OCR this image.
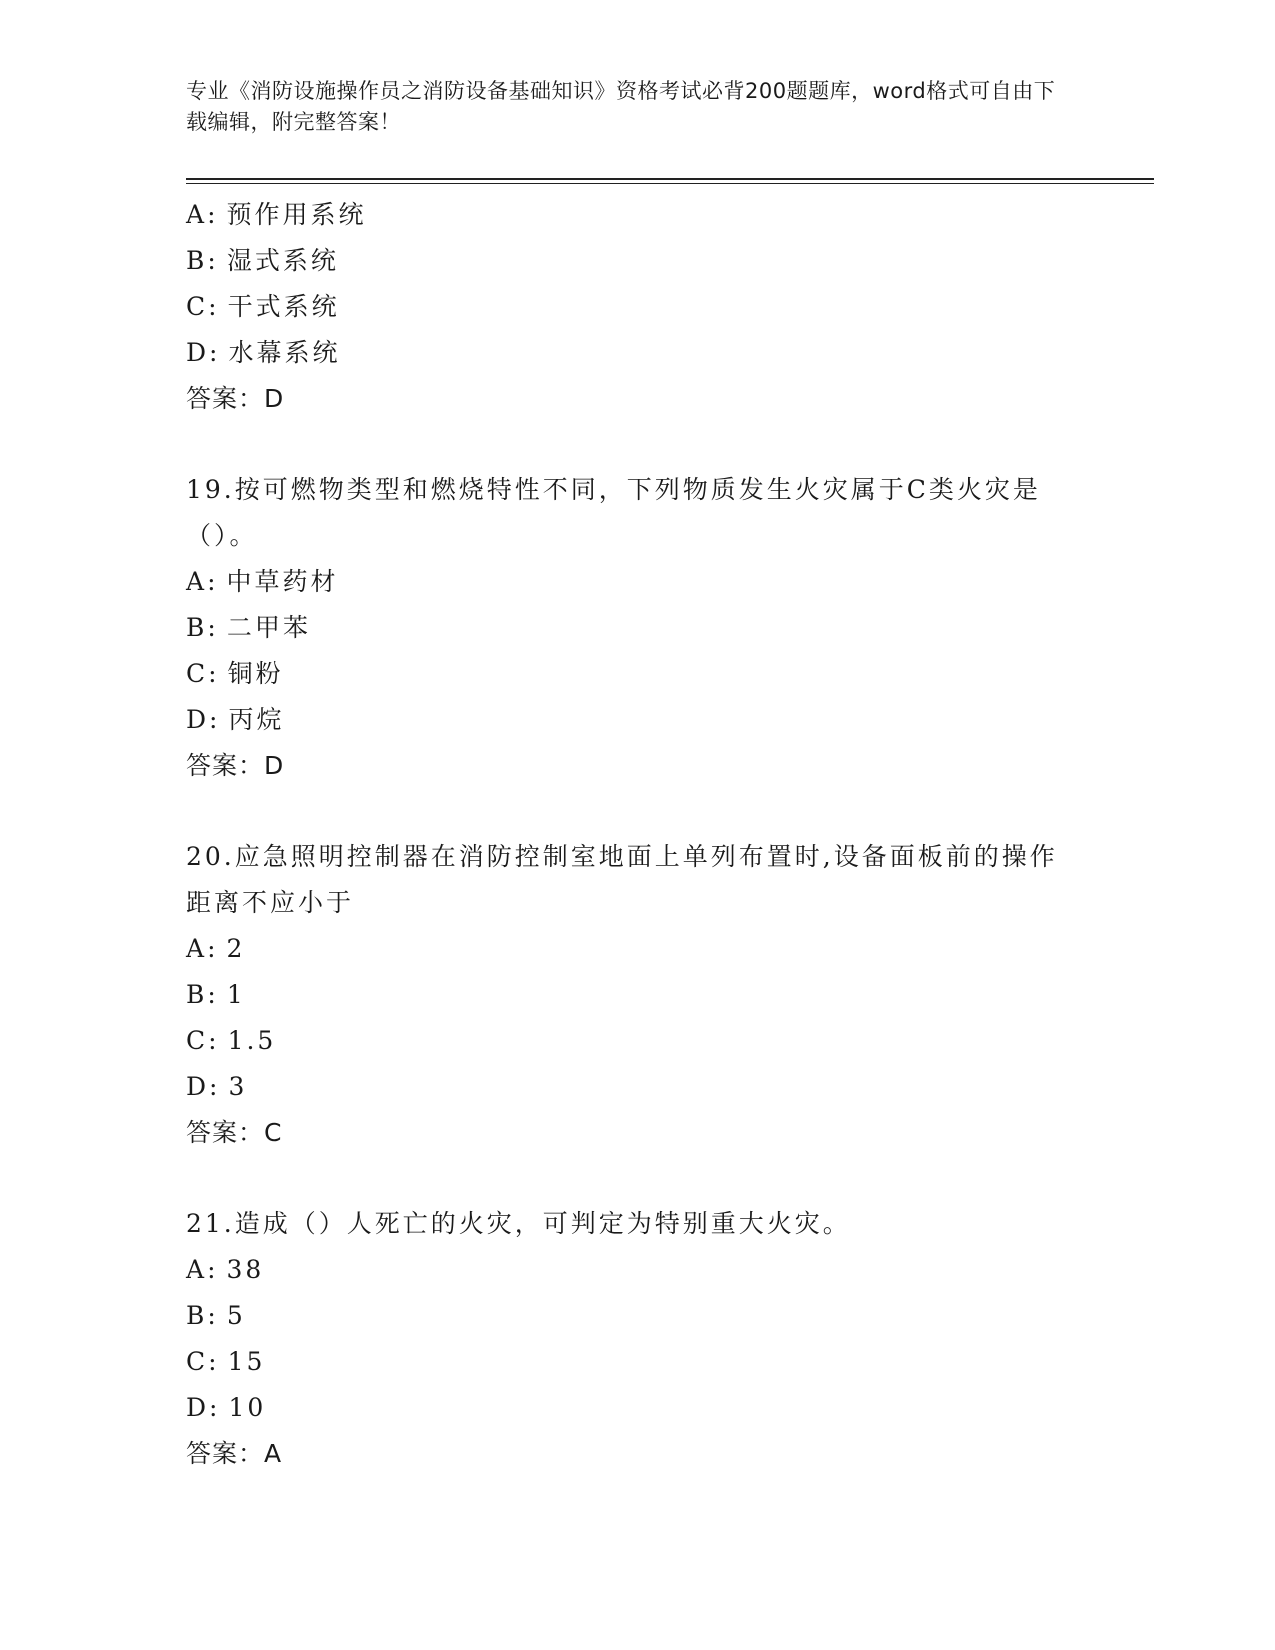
专业《消防设施操作员之消防设备基础知识》资格考试必背200题题库，word格式可自由下载编辑，附完整答案！
A: 预作用系统
B: 湿式系统
C: 干式系统
D: 水幕系统
答案：D
19.按可燃物类型和燃烧特性不同，下列物质发生火灾属于C类火灾是（）。
A: 中草药材
B: 二甲苯
C: 铜粉
D: 丙烷
答案：D
20.应急照明控制器在消防控制室地面上单列布置时,设备面板前的操作距离不应小于
A: 2
B: 1
C: 1.5
D: 3
答案：C
21.造成（）人死亡的火灾，可判定为特别重大火灾。
A: 38
B: 5
C: 15
D: 10
答案：A
